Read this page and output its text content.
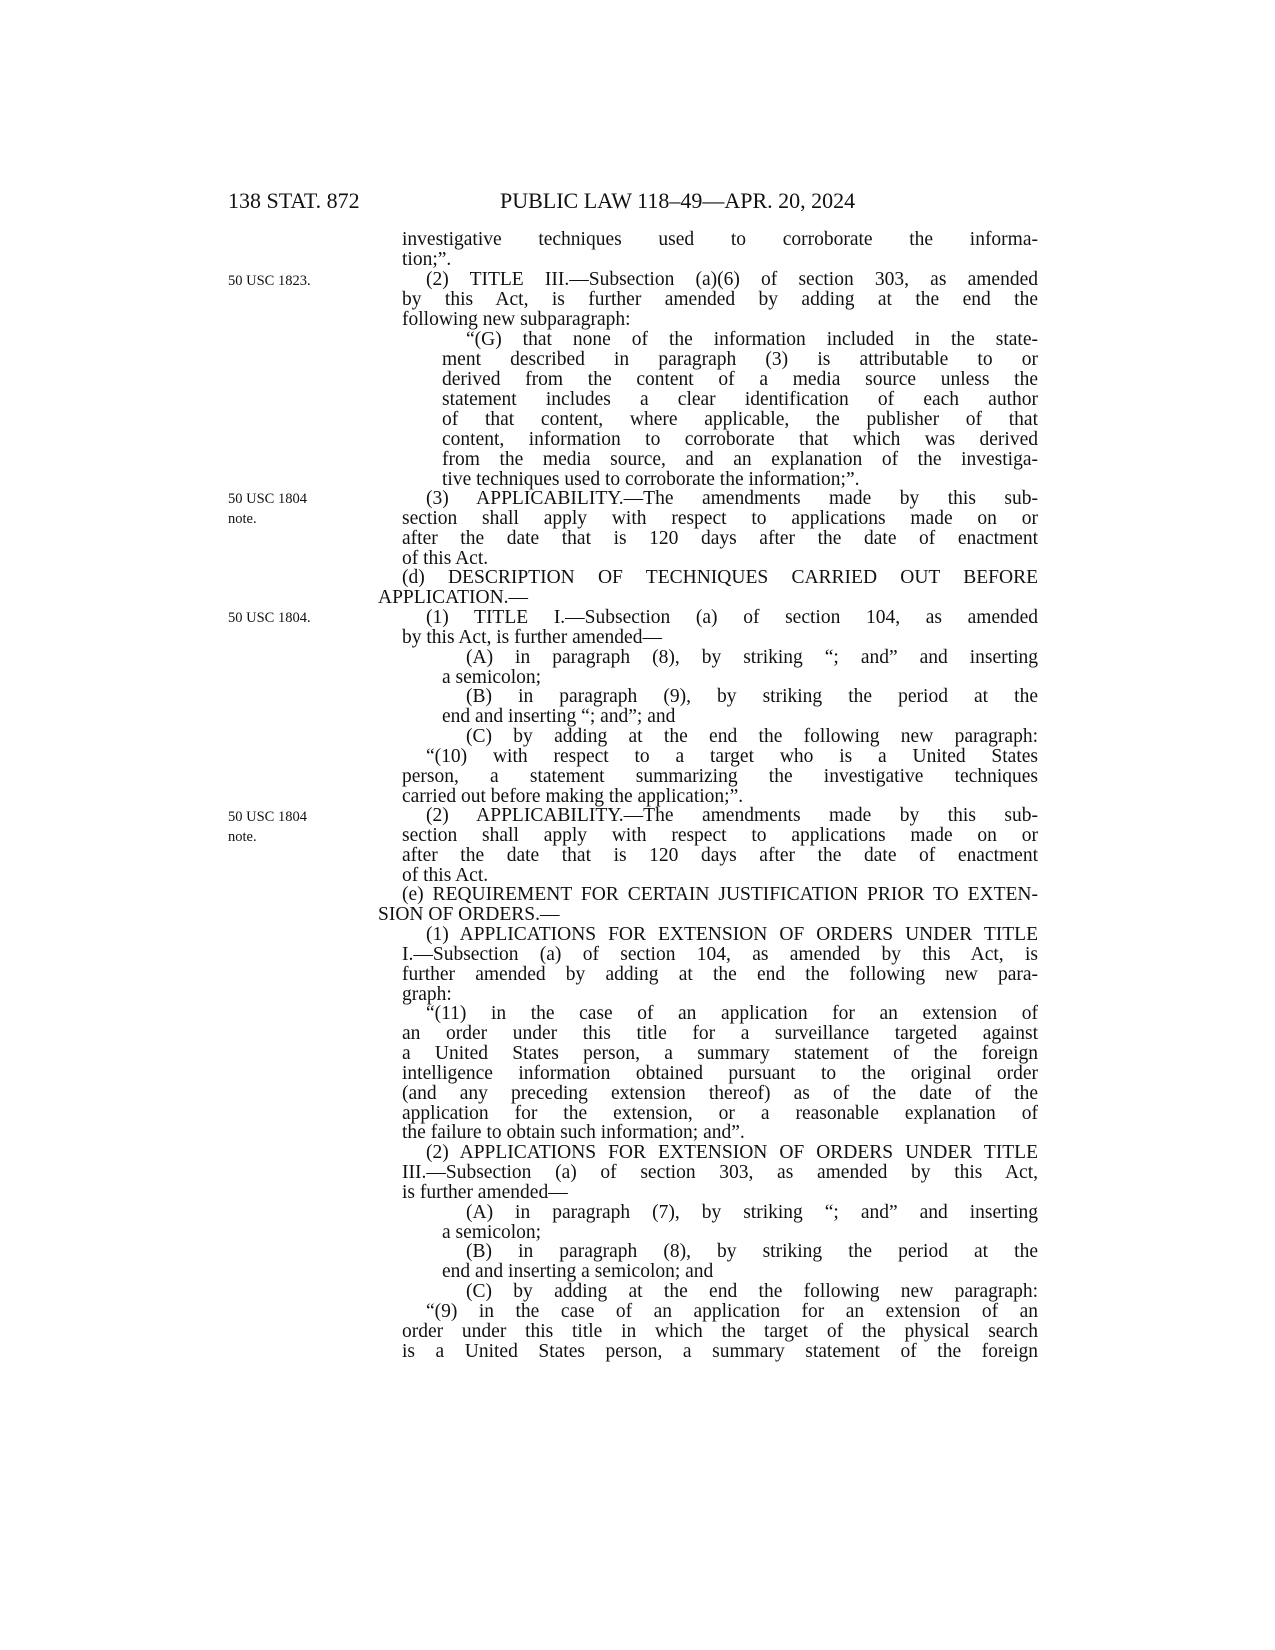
138 STAT. 872	PUBLIC LAW 118–49—APR. 20, 2024
50 USC 1823.
50 USC 1804
note.
50 USC 1804.
50 USC 1804
note.
investigative techniques used to corroborate the informa-
tion;”.
(2) TITLE III.—Subsection (a)(6) of section 303, as amended
by this Act, is further amended by adding at the end the
following new subparagraph:
“(G) that none of the information included in the state-
ment described in paragraph (3) is attributable to or
derived from the content of a media source unless the
statement includes a clear identification of each author
of that content, where applicable, the publisher of that
content, information to corroborate that which was derived
from the media source, and an explanation of the investiga-
tive techniques used to corroborate the information;”.
(3) APPLICABILITY.—The amendments made by this sub-
section shall apply with respect to applications made on or
after the date that is 120 days after the date of enactment
of this Act.
(d) DESCRIPTION OF TECHNIQUES CARRIED OUT BEFORE
APPLICATION.—
(1) TITLE I.—Subsection (a) of section 104, as amended
by this Act, is further amended—
(A) in paragraph (8), by striking “; and” and inserting
a semicolon;
(B) in paragraph (9), by striking the period at the
end and inserting “; and”; and
(C) by adding at the end the following new paragraph:
“(10) with respect to a target who is a United States
person, a statement summarizing the investigative techniques
carried out before making the application;”.
(2) APPLICABILITY.—The amendments made by this sub-
section shall apply with respect to applications made on or
after the date that is 120 days after the date of enactment
of this Act.
(e) REQUIREMENT FOR CERTAIN JUSTIFICATION PRIOR TO EXTEN-
SION OF ORDERS.—
(1) APPLICATIONS FOR EXTENSION OF ORDERS UNDER TITLE
I.—Subsection (a) of section 104, as amended by this Act, is
further amended by adding at the end the following new para-
graph:
“(11) in the case of an application for an extension of
an order under this title for a surveillance targeted against
a United States person, a summary statement of the foreign
intelligence information obtained pursuant to the original order
(and any preceding extension thereof) as of the date of the
application for the extension, or a reasonable explanation of
the failure to obtain such information; and”.
(2) APPLICATIONS FOR EXTENSION OF ORDERS UNDER TITLE
III.—Subsection (a) of section 303, as amended by this Act,
is further amended—
(A) in paragraph (7), by striking “; and” and inserting
a semicolon;
(B) in paragraph (8), by striking the period at the
end and inserting a semicolon; and
(C) by adding at the end the following new paragraph:
“(9) in the case of an application for an extension of an
order under this title in which the target of the physical search
is a United States person, a summary statement of the foreign
